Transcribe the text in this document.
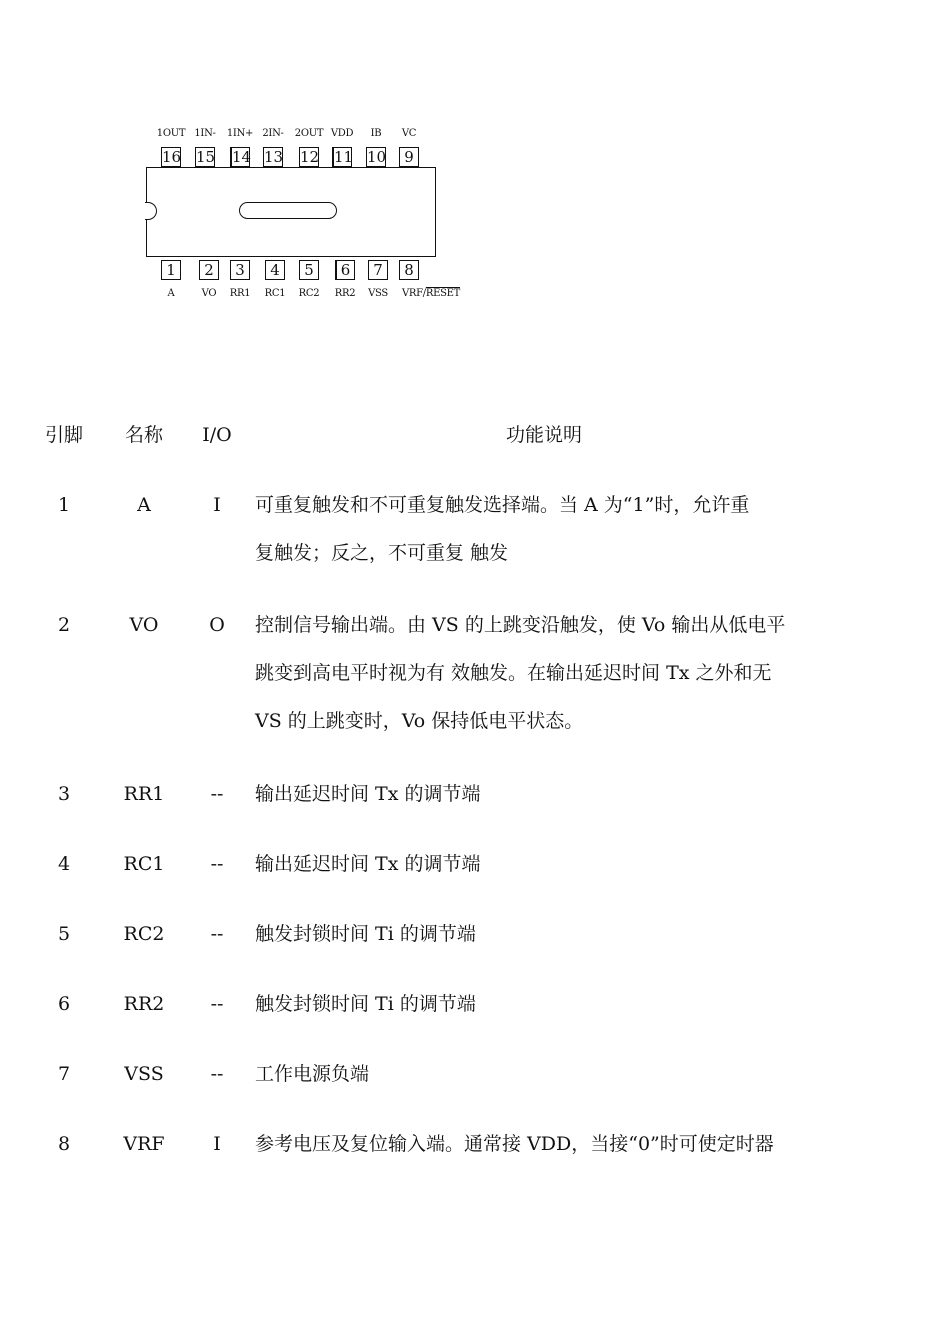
1OUT
16
1IN-
15
1IN+
14
2IN-
13
2OUT
12
VDD
11
IB
10
VC
9
1
A
2
VO
3
RR1
4
RC1
5
RC2
6
RR2
7
VSS
8
VRF/RESET
引脚 名称 I/O	功能说明
1	A	I 可重复触发和不可重复触发选择端。当 A 为“1”时，允许重
复触发；反之，不可重复 触发
2	VO	O 控制信号输出端。由 VS 的上跳变沿触发，使 Vo 输出从低电平
跳变到高电平时视为有 效触发。在输出延迟时间 Tx 之外和无
VS 的上跳变时，Vo 保持低电平状态。
3	RR1 -- 输出延迟时间 Tx 的调节端
4	RC1 -- 输出延迟时间 Tx 的调节端
5	RC2 -- 触发封锁时间 Ti 的调节端
6	RR2 -- 触发封锁时间 Ti 的调节端
7	VSS -- 工作电源负端
8	VRF	I 参考电压及复位输入端。通常接 VDD，当接“0”时可使定时器
